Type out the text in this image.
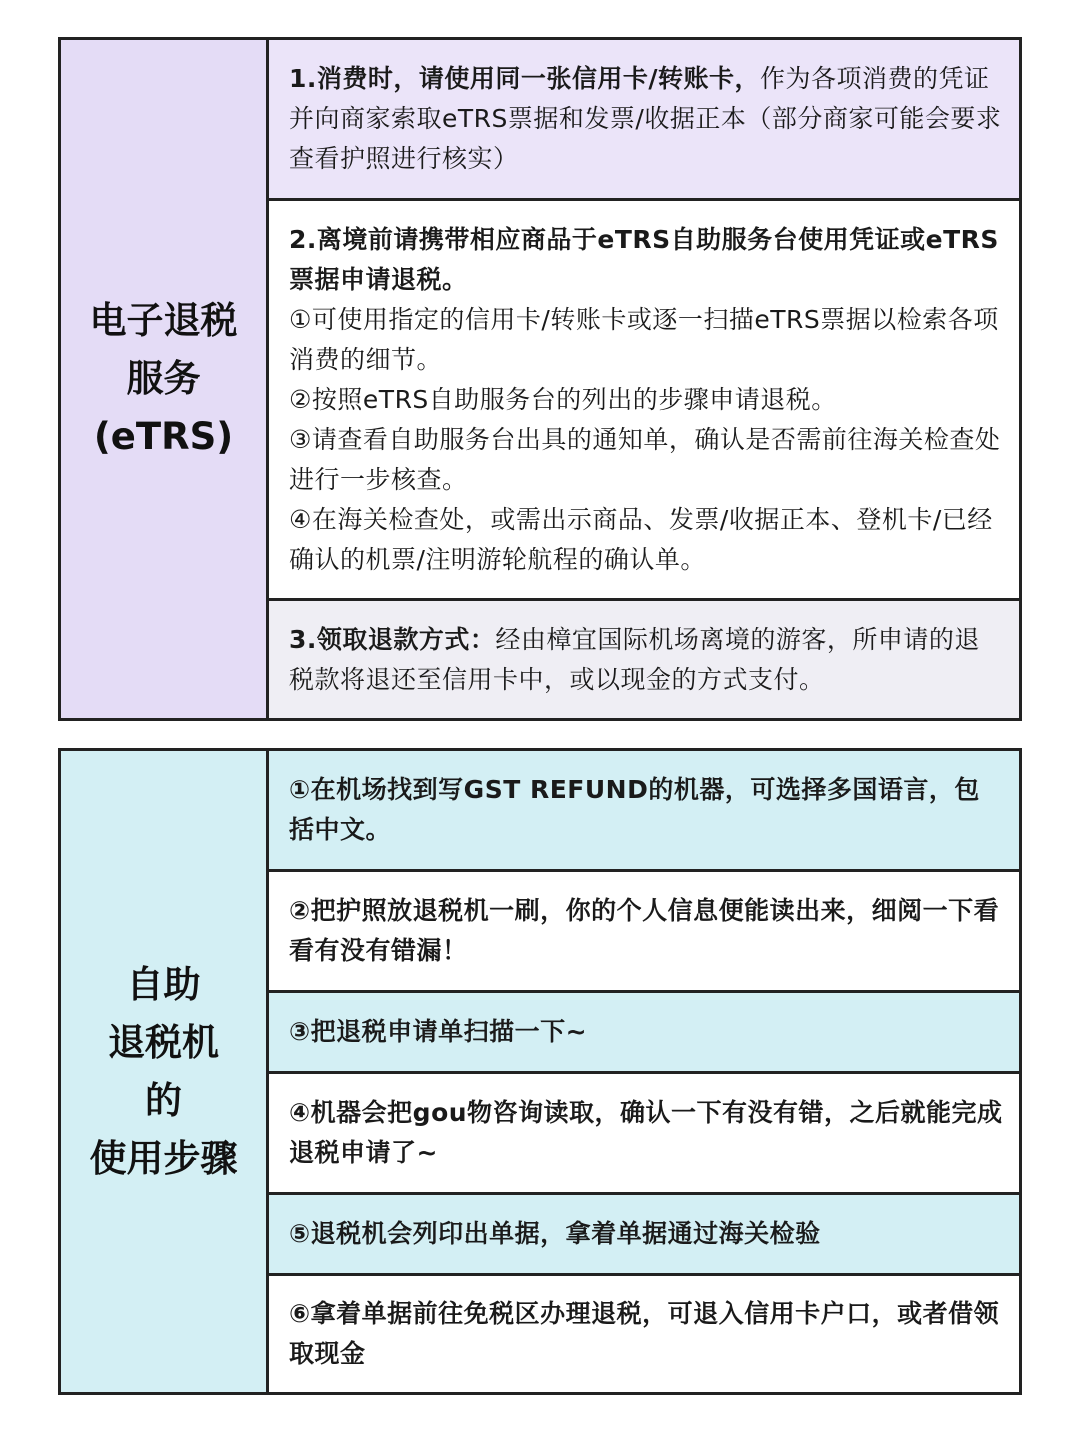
电子退税
服务
(eTRS)

1.消费时，请使用同一张信用卡/转账卡，作为各项消费的凭证并向商家索取eTRS票据和发票/收据正本（部分商家可能会要求查看护照进行核实）

2.离境前请携带相应商品于eTRS自助服务台使用凭证或eTRS票据申请退税。

①可使用指定的信用卡/转账卡或逐一扫描eTRS票据以检索各项消费的细节。

②按照eTRS自助服务台的列出的步骤申请退税。

③请查看自助服务台出具的通知单，确认是否需前往海关检查处进行一步核查。

④在海关检查处，或需出示商品、发票/收据正本、登机卡/已经确认的机票/注明游轮航程的确认单。

3.领取退款方式：经由樟宜国际机场离境的游客，所申请的退税款将退还至信用卡中，或以现金的方式支付。

自助
退税机
的
使用步骤

①在机场找到写GST REFUND的机器，可选择多国语言，包括中文。

②把护照放退税机一刷，你的个人信息便能读出来，细阅一下看看有没有错漏！

③把退税申请单扫描一下~

④机器会把gou物咨询读取，确认一下有没有错，之后就能完成退税申请了~

⑤退税机会列印出单据，拿着单据通过海关检验

⑥拿着单据前往免税区办理退税，可退入信用卡户口，或者借领取现金
